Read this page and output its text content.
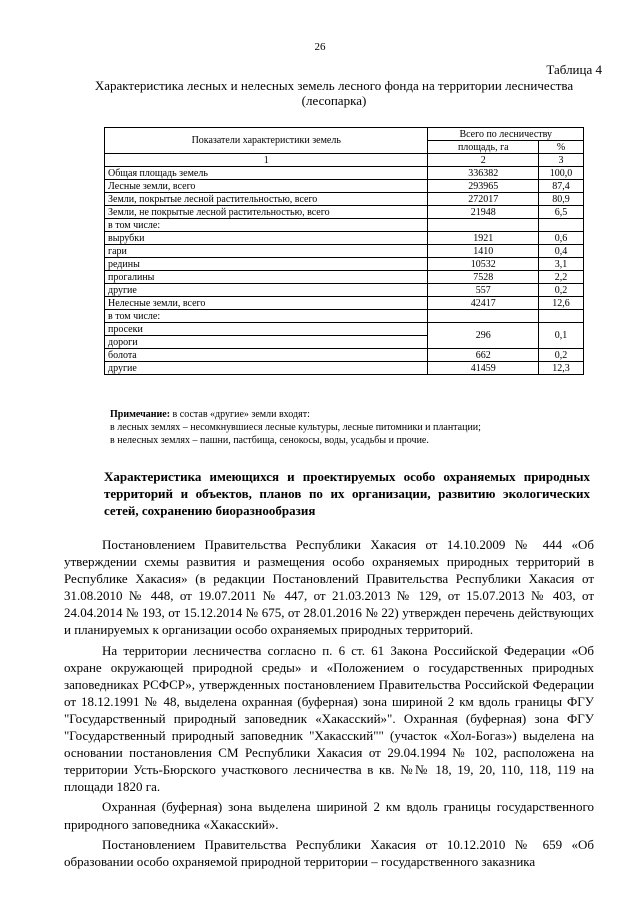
26
Таблица 4
Характеристика лесных и нелесных земель лесного фонда на территории лесничества (лесопарка)
Показатели характеристики земель	Всего по лесничеству	
	площадь, га	%
1	2	3
Общая площадь земель	336382	100,0
Лесные земли, всего	293965	87,4
Земли, покрытые лесной растительностью, всего	272017	80,9
Земли, не покрытые лесной растительностью, всего	21948	6,5
в том числе:		
вырубки	1921	0,6
гари	1410	0,4
редины	10532	3,1
прогалины	7528	2,2
другие	557	0,2
Нелесные земли, всего	42417	12,6
в том числе:		
просеки	296	0,1
дороги		
болота	662	0,2
другие	41459	12,3
Примечание: в состав «другие» земли входят:
в лесных землях – несомкнувшиеся лесные культуры, лесные питомники и плантации;
в нелесных землях – пашни, пастбища, сенокосы, воды, усадьбы и прочие.
Характеристика имеющихся и проектируемых особо охраняемых природных территорий и объектов, планов по их организации, развитию экологических сетей, сохранению биоразнообразия

Постановлением Правительства Республики Хакасия от 14.10.2009 № 444 «Об утверждении схемы развития и размещения особо охраняемых природных территорий в Республике Хакасия» (в редакции Постановлений Правительства Республики Хакасия от 31.08.2010 № 448, от 19.07.2011 № 447, от 21.03.2013 № 129, от 15.07.2013 № 403, от 24.04.2014 № 193, от 15.12.2014 № 675, от 28.01.2016 № 22) утвержден перечень действующих и планируемых к организации особо охраняемых природных территорий.

На территории лесничества согласно п. 6 ст. 61 Закона Российской Федерации «Об охране окружающей природной среды» и «Положением о государственных природных заповедниках РСФСР», утвержденных постановлением Правительства Российской Федерации от 18.12.1991 № 48, выделена охранная (буферная) зона шириной 2 км вдоль границы ФГУ "Государственный природный заповедник «Хакасский»". Охранная (буферная) зона ФГУ "Государственный природный заповедник "Хакасский"" (участок «Хол-Богаз») выделена на основании постановления СМ Республики Хакасия от 29.04.1994 № 102, расположена на территории Усть-Бюрского участкового лесничества в кв. №№ 18, 19, 20, 110, 118, 119 на площади 1820 га.

Охранная (буферная) зона выделена шириной 2 км вдоль границы государственного природного заповедника «Хакасский».

Постановлением Правительства Республики Хакасия от 10.12.2010 № 659 «Об образовании особо охраняемой природной территории – государственного заказника
